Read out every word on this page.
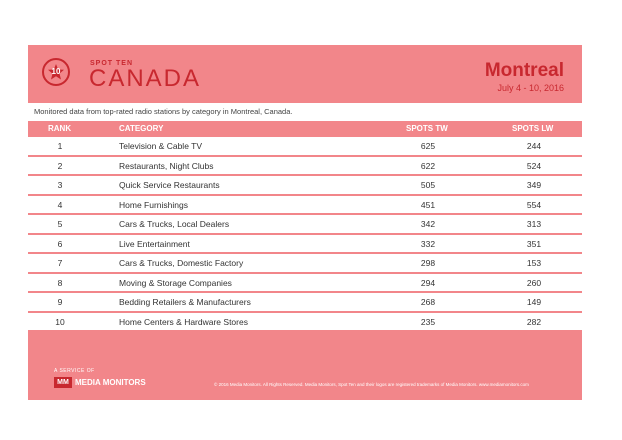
10
SPOT TEN
CANADA	Montreal
July 4 - 10, 2016
Monitored data from top-rated radio stations by category in Montreal, Canada.
RANK	CATEGORY	SPOTS TW	SPOTS LW
1	Television & Cable TV	625	244
2	Restaurants, Night Clubs	622	524
3	Quick Service Restaurants	505	349
4	Home Furnishings	451	554
5	Cars & Trucks, Local Dealers	342	313
6	Live Entertainment	332	351
7	Cars & Trucks, Domestic Factory	298	153
8	Moving & Storage Companies	294	260
9	Bedding Retailers & Manufacturers	268	149
10	Home Centers & Hardware Stores	235	282
A SERVICE OF
MM MEDIA MONITORS	© 2016 Media Monitors. All Rights Reserved. Media Monitors, Spot Ten and their logos are registered trademarks of Media Monitors. www.mediamonitors.com
